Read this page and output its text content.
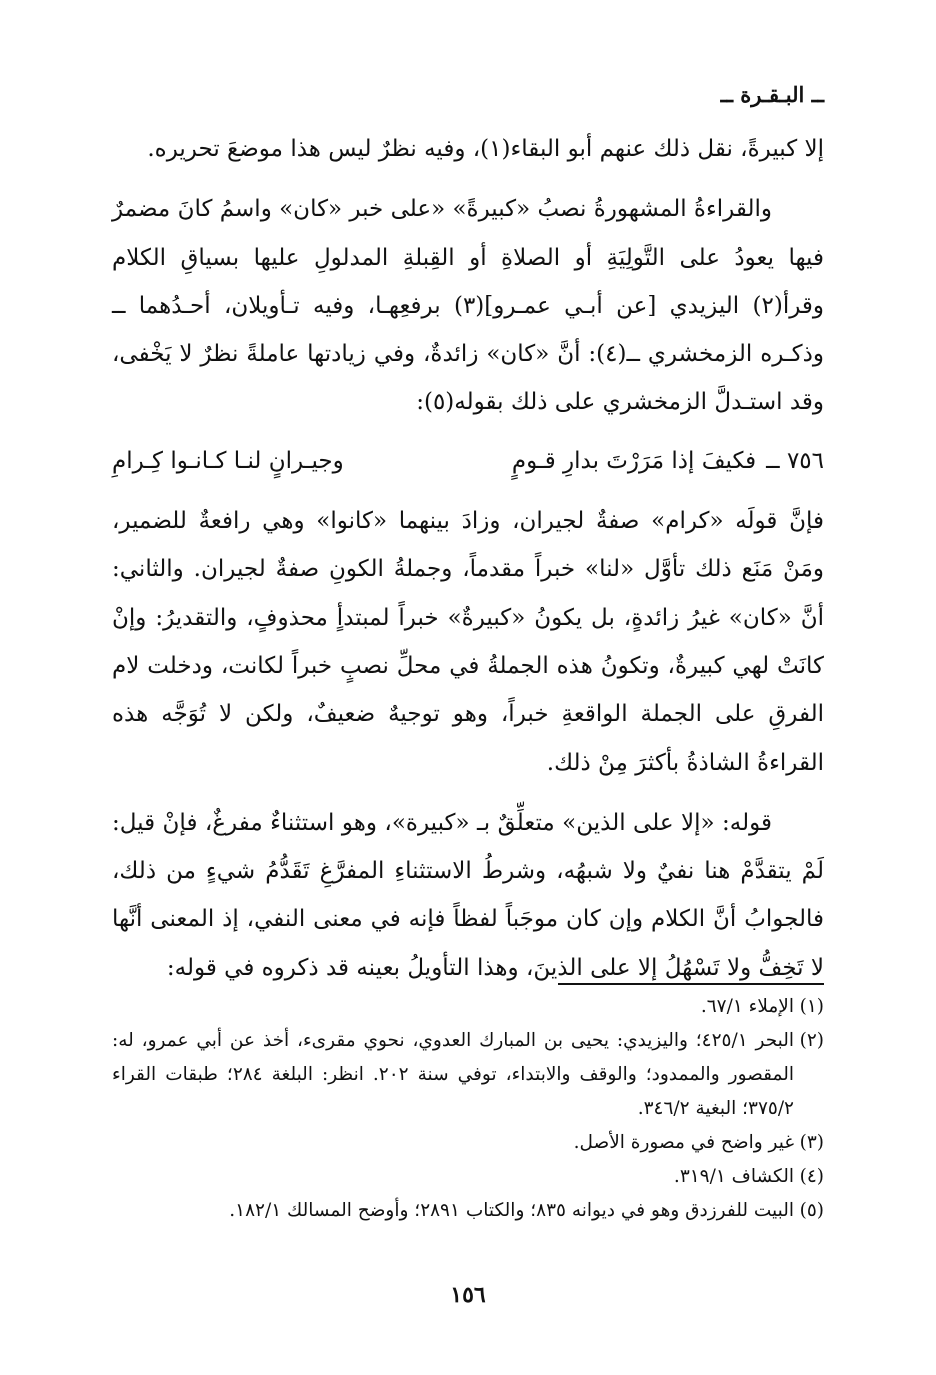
ــ البـقـرة ــ

إلا كبيرةً، نقل ذلك عنهم أبو البقاء(١)، وفيه نظرٌ ليس هذا موضعَ تحريره.

والقراءةُ المشهورةُ نصبُ «كبيرةً» «على خبر «كان» واسمُ كانَ مضمرٌ فيها يعودُ على التَّولِيَةِ أو الصلاةِ أو القِبلةِ المدلولِ عليها بسياقِ الكلام وقرأ(٢) اليزيدي [عن أبـي عمـرو](٣) برفعِهـا، وفيه تـأويلان، أحـدُهما ــ وذكـره الزمخشري ــ(٤): أنَّ «كان» زائدةٌ، وفي زيادتها عاملةً نظرٌ لا يَخْفى، وقد استـدلَّ الزمخشري على ذلك بقوله(٥):

٧٥٦ ــ
فكيفَ إذا مَرَرْتَ بدارِ قـومٍ
وجيـرانٍ لنـا كـانـوا كِـرامِ

فإنَّ قولَه «كرام» صفةٌ لجيران، وزادَ بينهما «كانوا» وهي رافعةٌ للضمير، ومَنْ مَنَع ذلك تأوَّل «لنا» خبراً مقدماً، وجملةُ الكونِ صفةٌ لجيران. والثاني: أنَّ «كان» غيرُ زائدةٍ، بل يكونُ «كبيرةٌ» خبراً لمبتدأٍ محذوفٍ، والتقديرُ: وإنْ كانَتْ لهي كبيرةٌ، وتكونُ هذه الجملةُ في محلِّ نصبٍ خبراً لكانت، ودخلت لام الفرقِ على الجملة الواقعةِ خبراً، وهو توجيهٌ ضعيفٌ، ولكن لا تُوَجَّه هذه القراءةُ الشاذةُ بأكثرَ مِنْ ذلك.

قوله: «إلا على الذين» متعلِّقٌ بـ «كبيرة»، وهو استثناءٌ مفرغٌ، فإنْ قيل: لَمْ يتقدَّمْ هنا نفيٌ ولا شبهُه، وشرطُ الاستثناءِ المفرَّغِ تَقَدُّمُ شيءٍ من ذلك، فالجوابُ أنَّ الكلام وإن كان موجَباً لفظاً فإنه في معنى النفي، إذ المعنى أنَّها لا تَخِفُّ ولا تَسْهُلُ إلا على الذينَ، وهذا التأويلُ بعينه قد ذكروه في قوله:

(١)الإملاء ٦٧/١.

(٢)البحر ٤٢٥/١؛ واليزيدي: يحيى بن المبارك العدوي، نحوي مقرىء، أخذ عن أبي عمرو، له: المقصور والممدود؛ والوقف والابتداء، توفي سنة ٢٠٢. انظر: البلغة ٢٨٤؛ طبقات القراء ٣٧٥/٢؛ البغية ٣٤٦/٢.

(٣)غير واضح في مصورة الأصل.

(٤)الكشاف ٣١٩/١.

(٥)البيت للفرزدق وهو في ديوانه ٨٣٥؛ والكتاب ٢٨٩١؛ وأوضح المسالك ١٨٢/١.

١٥٦
